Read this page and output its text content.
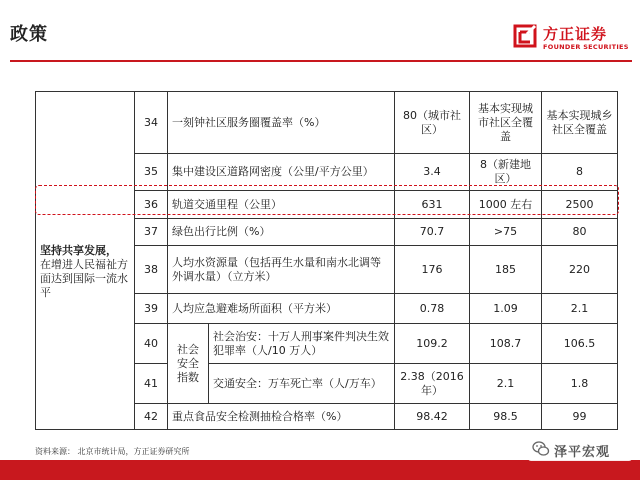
政策	方正证券
FOUNDER SECURITIES
坚持共享发展，
在增进人民福祉方面达到国际一流水平	34	一刻钟社区服务圈覆盖率（%）		80（城市社区）	基本实现城市社区全覆盖	基本实现城乡社区全覆盖
	35	集中建设区道路网密度（公里/平方公里）		3.4	8（新建地区）	8
	36	轨道交通里程（公里）		631	1000 左右	2500
	37	绿色出行比例（%）		70.7	>75	80
	38	人均水资源量（包括再生水量和南水北调等外调水量）（立方米）		176	185	220
	39	人均应急避难场所面积（平方米）		0.78	1.09	2.1
	40	社会安全指数	社会治安：十万人刑事案件判决生效犯罪率（人/10 万人）	109.2	108.7	106.5
	41		交通安全：万车死亡率（人/万车）	2.38（2016 年）	2.1	1.8
	42	重点食品安全检测抽检合格率（%）		98.42	98.5	99
资料来源： 北京市统计局，方正证券研究所	泽平宏观
